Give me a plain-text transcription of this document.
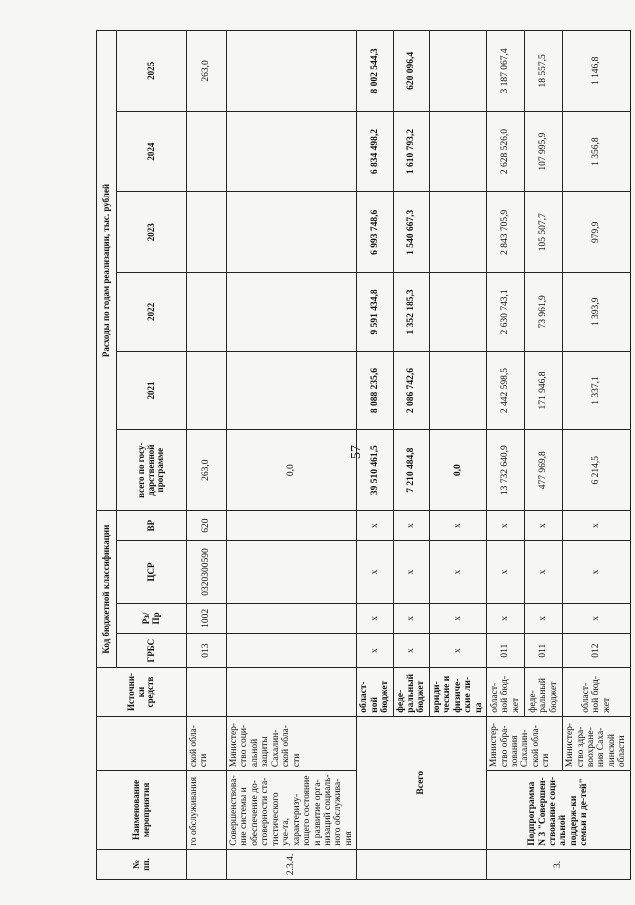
57
№ пп.	Наименование мероприятия		Источни-ки средств	Код бюджетной классификации				Расходы по годам реализации, тыс. рублей					
				ГРБС	Рз/ Пр	ЦСР	ВР	всего по госу-дарственной программе	2021	2022	2023	2024	2025
	го обслуживания	ской обла-сти		013	1002	0320300590	620	263,0					263,0
2.3.4.	Совершенствова-ние системы и обеспечение до-стоверности ста-тистического уче-та, характеризу-ющего состояние и развитие орга-низаций социаль-ного обслужива-ния	Министер-ство соци-альной защиты Сахалин-ской обла-сти						0,0					
	Всего		област-ной бюджет	x	x	x	x	39 510 461,5	8 088 235,6	9 591 434,8	6 993 748,6	6 834 498,2	8 002 544,3
			феде-ральный бюджет	x	x	x	x	7 210 484,8	2 086 742,6	1 352 185,3	1 540 667,3	1 610 793,2	620 096,4
			юриди-ческие и физиче-ские ли-ца	x	x	x	x	0,0					
3.	Подпрограмма N 3 "Совершен-ствование соци-альной поддерж-ки семьи и де-тей"	Министер-ство обра-зования Сахалин-ской обла-сти	област-ной бюд-жет	011	x	x	x	13 732 640,9	2 442 598,5	2 630 743,1	2 843 705,9	2 628 526,0	3 187 067,4
			феде-ральный бюджет	011	x	x	x	477 969,8	171 946,8	73 961,9	105 507,7	107 995,9	18 557,5
		Министер-ство здра-воохране-ния Саха-линской области	област-ной бюд-жет	012	x	x	x	6 214,5	1 337,1	1 393,9	979,9	1 356,8	1 146,8
